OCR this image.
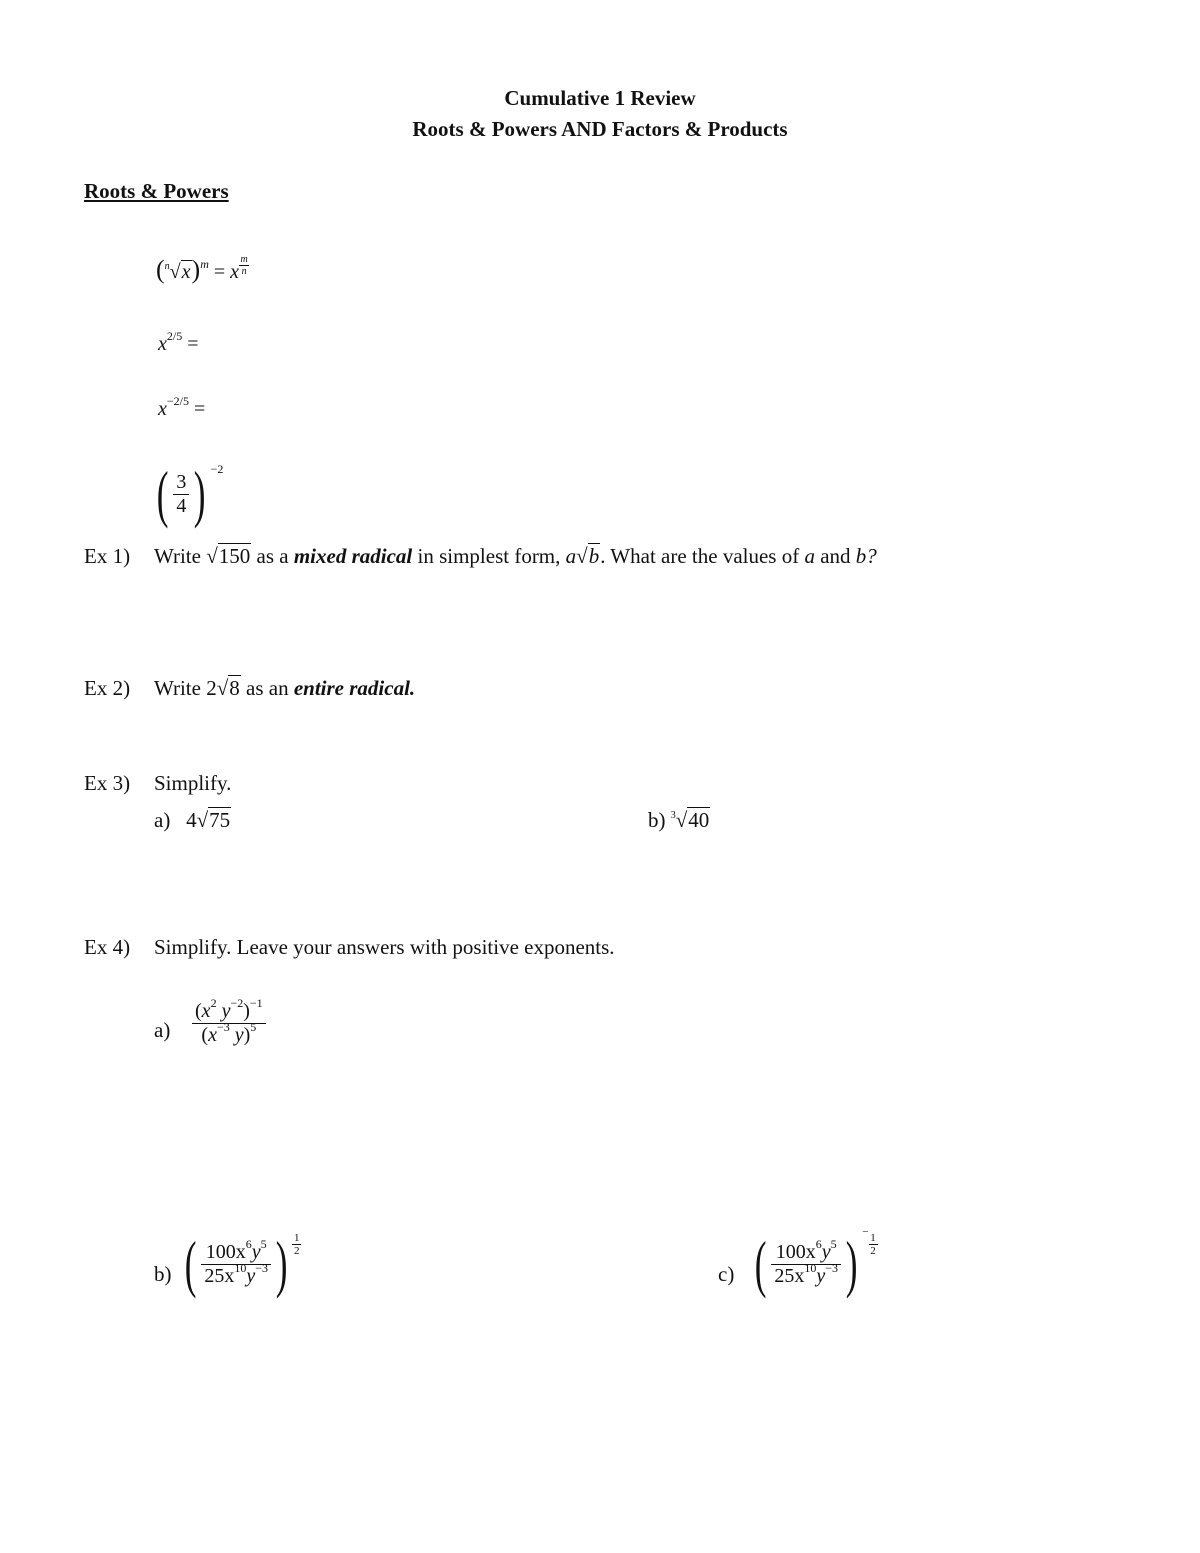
Cumulative 1 Review
Roots & Powers AND Factors & Products
Roots & Powers
$(^n√x)^m = x \frac{m}{n}$
$x^{2/5}$ =
$x^{-2/5}$ =
( $\frac{3}{4}$ ) $^{-2}$
Ex 1) Write √150 as a mixed radical in simplest form, a√b. What are the values of a and b?
Ex 2) Write 2√8 as an entire radical.
Ex 3) Simplify.
a) 4√75	b) $^3$√40
Ex 4) Simplify. Leave your answers with positive exponents.
$a) \frac{(x^2 y^{-2})^{-1}}{(x^{-3} y)^5}$
b) ( $\frac{100x^6y^5}{25x^{10}y^{-3}}$ ) $\frac{1}{2}$
c) ( $\frac{100x^6y^5}{25x^{10}y^{-3}}$ ) $^- \frac{1}{2}$
